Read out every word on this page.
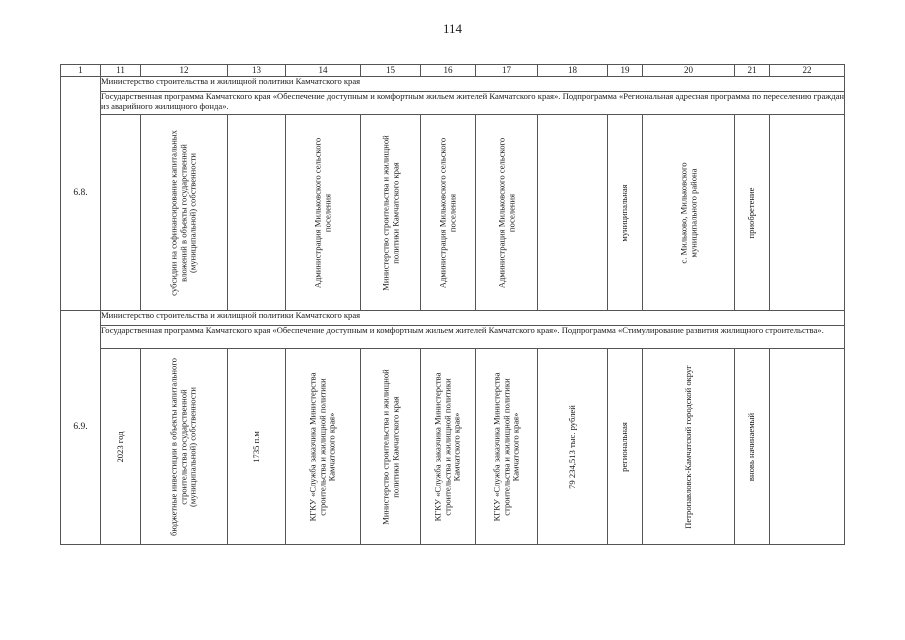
114
1	11	12	13	14	15	16	17	18	19	20	21	22
6.8.	Министерство строительства и жилищной политики Камчатского края											
	Государственная программа Камчатского края «Обеспечение доступным и комфортным жильем жителей Камчатского края». Подпрограмма «Региональная адресная программа по переселению граждан из аварийного жилищного фонда».											

		субсидии на софинансирование капитальных вложений в объекты государственной (муниципальной) собственности		Администрация Мильковского сельского поселения	Министерство строительства и жилищной политики Камчатского края	Администрация Мильковского сельского поселения	Администрация Мильковского сельского поселения		муниципальная	с. Мильково, Мильковского муниципального района	приобретение	

6.9.	Министерство строительства и жилищной политики Камчатского края											
	Государственная программа Камчатского края «Обеспечение доступным и комфортным жильем жителей Камчатского края». Подпрограмма «Стимулирование развития жилищного строительства».											

	2023 год	бюджетные инвестиции в объекты капитального строительства государственной (муниципальной) собственности	1735 п.м	КГКУ «Служба заказчика Министерства строительства и жилищной политики Камчатского края»	Министерство строительства и жилищной политики Камчатского края	КГКУ «Служба заказчика Министерства строительства и жилищной политики Камчатского края»	КГКУ «Служба заказчика Министерства строительства и жилищной политики Камчатского края»	79 234,513 тыс. рублей	региональная	Петропавловск-Камчатский городской округ	вновь начинаемый	
